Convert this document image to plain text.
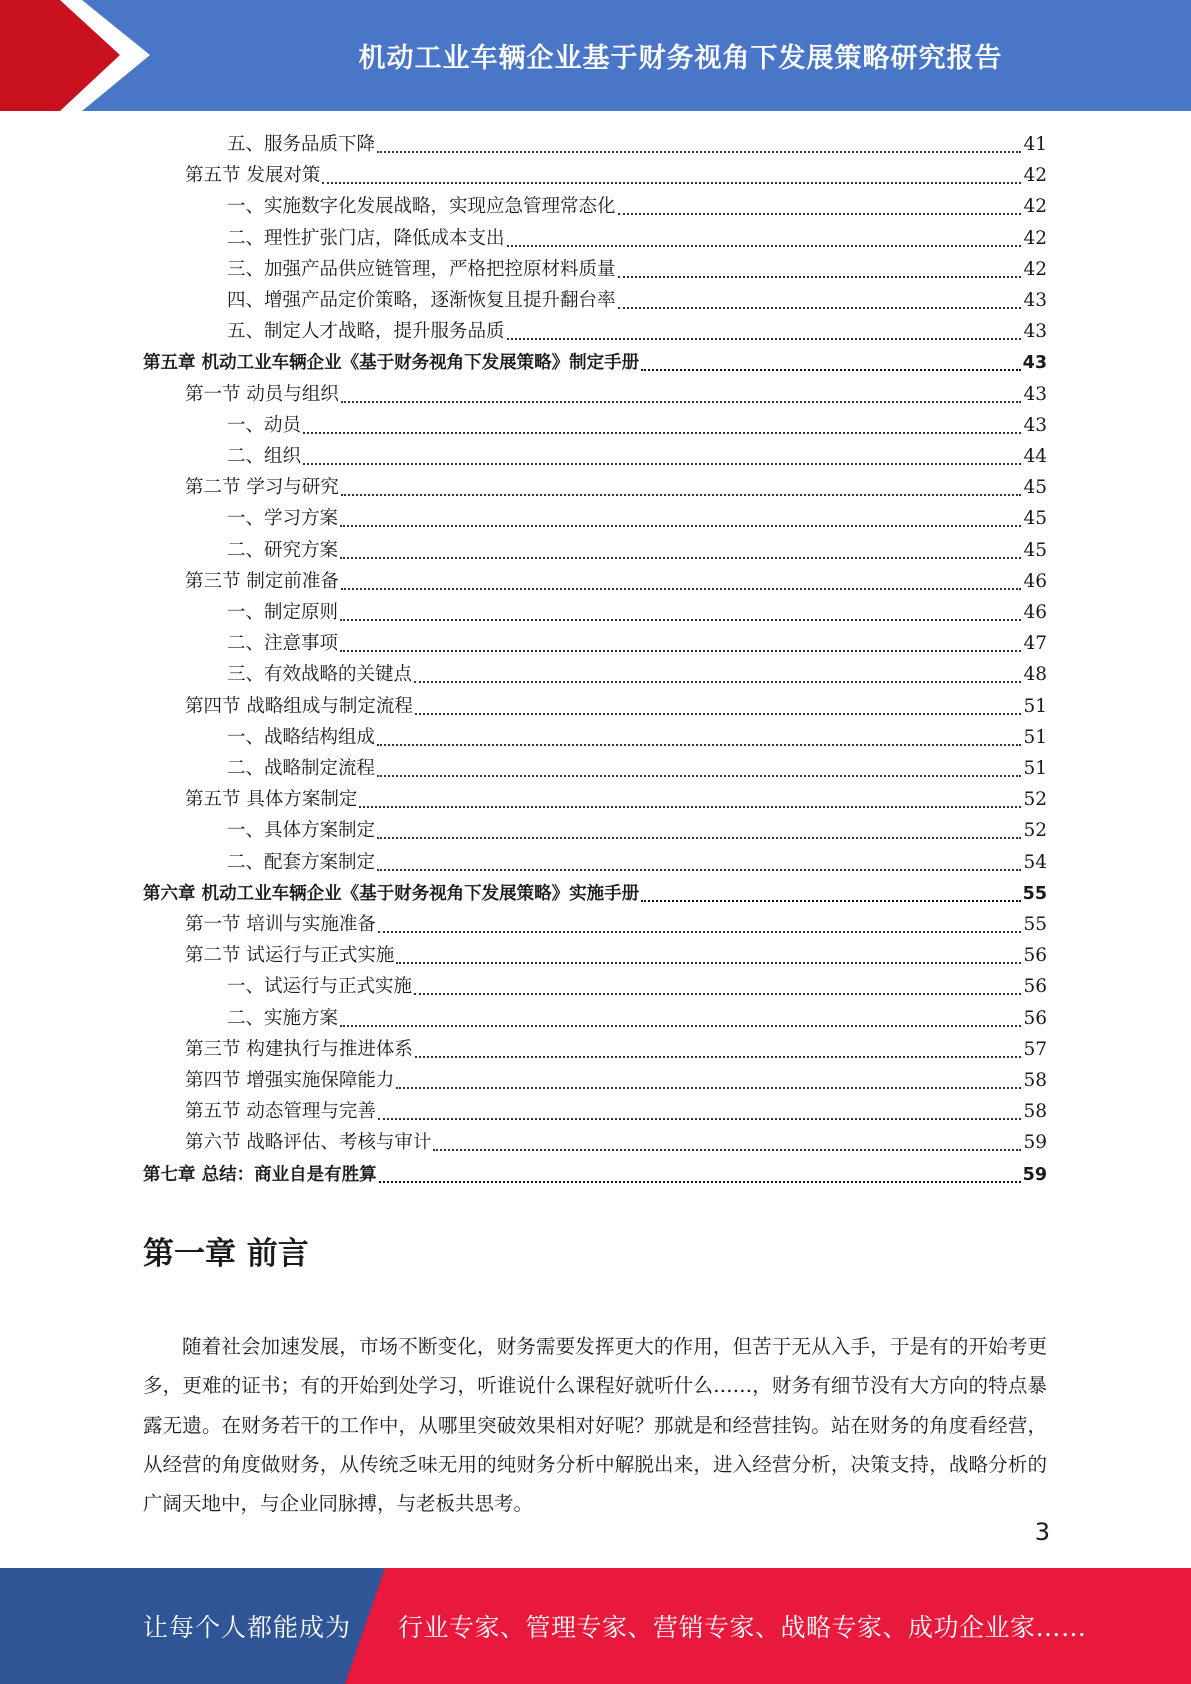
机动工业车辆企业基于财务视角下发展策略研究报告
五、服务品质下降	41
第五节 发展对策	42
一、实施数字化发展战略，实现应急管理常态化	42
二、理性扩张门店，降低成本支出	42
三、加强产品供应链管理，严格把控原材料质量	42
四、增强产品定价策略，逐渐恢复且提升翻台率	43
五、制定人才战略，提升服务品质	43
第五章 机动工业车辆企业《基于财务视角下发展策略》制定手册	43
第一节 动员与组织	43
一、动员	43
二、组织	44
第二节 学习与研究	45
一、学习方案	45
二、研究方案	45
第三节 制定前准备	46
一、制定原则	46
二、注意事项	47
三、有效战略的关键点	48
第四节 战略组成与制定流程	51
一、战略结构组成	51
二、战略制定流程	51
第五节 具体方案制定	52
一、具体方案制定	52
二、配套方案制定	54
第六章 机动工业车辆企业《基于财务视角下发展策略》实施手册	55
第一节 培训与实施准备	55
第二节 试运行与正式实施	56
一、试运行与正式实施	56
二、实施方案	56
第三节 构建执行与推进体系	57
第四节 增强实施保障能力	58
第五节 动态管理与完善	58
第六节 战略评估、考核与审计	59
第七章 总结：商业自是有胜算	59
第一章 前言

随着社会加速发展，市场不断变化，财务需要发挥更大的作用，但苦于无从入手，于是有的开始考更多，更难的证书；有的开始到处学习，听谁说什么课程好就听什么……，财务有细节没有大方向的特点暴露无遗。在财务若干的工作中，从哪里突破效果相对好呢？那就是和经营挂钩。站在财务的角度看经营，从经营的角度做财务，从传统乏味无用的纯财务分析中解脱出来，进入经营分析，决策支持，战略分析的广阔天地中，与企业同脉搏，与老板共思考。

3
让每个人都能成为 行业专家、管理专家、营销专家、战略专家、成功企业家……
